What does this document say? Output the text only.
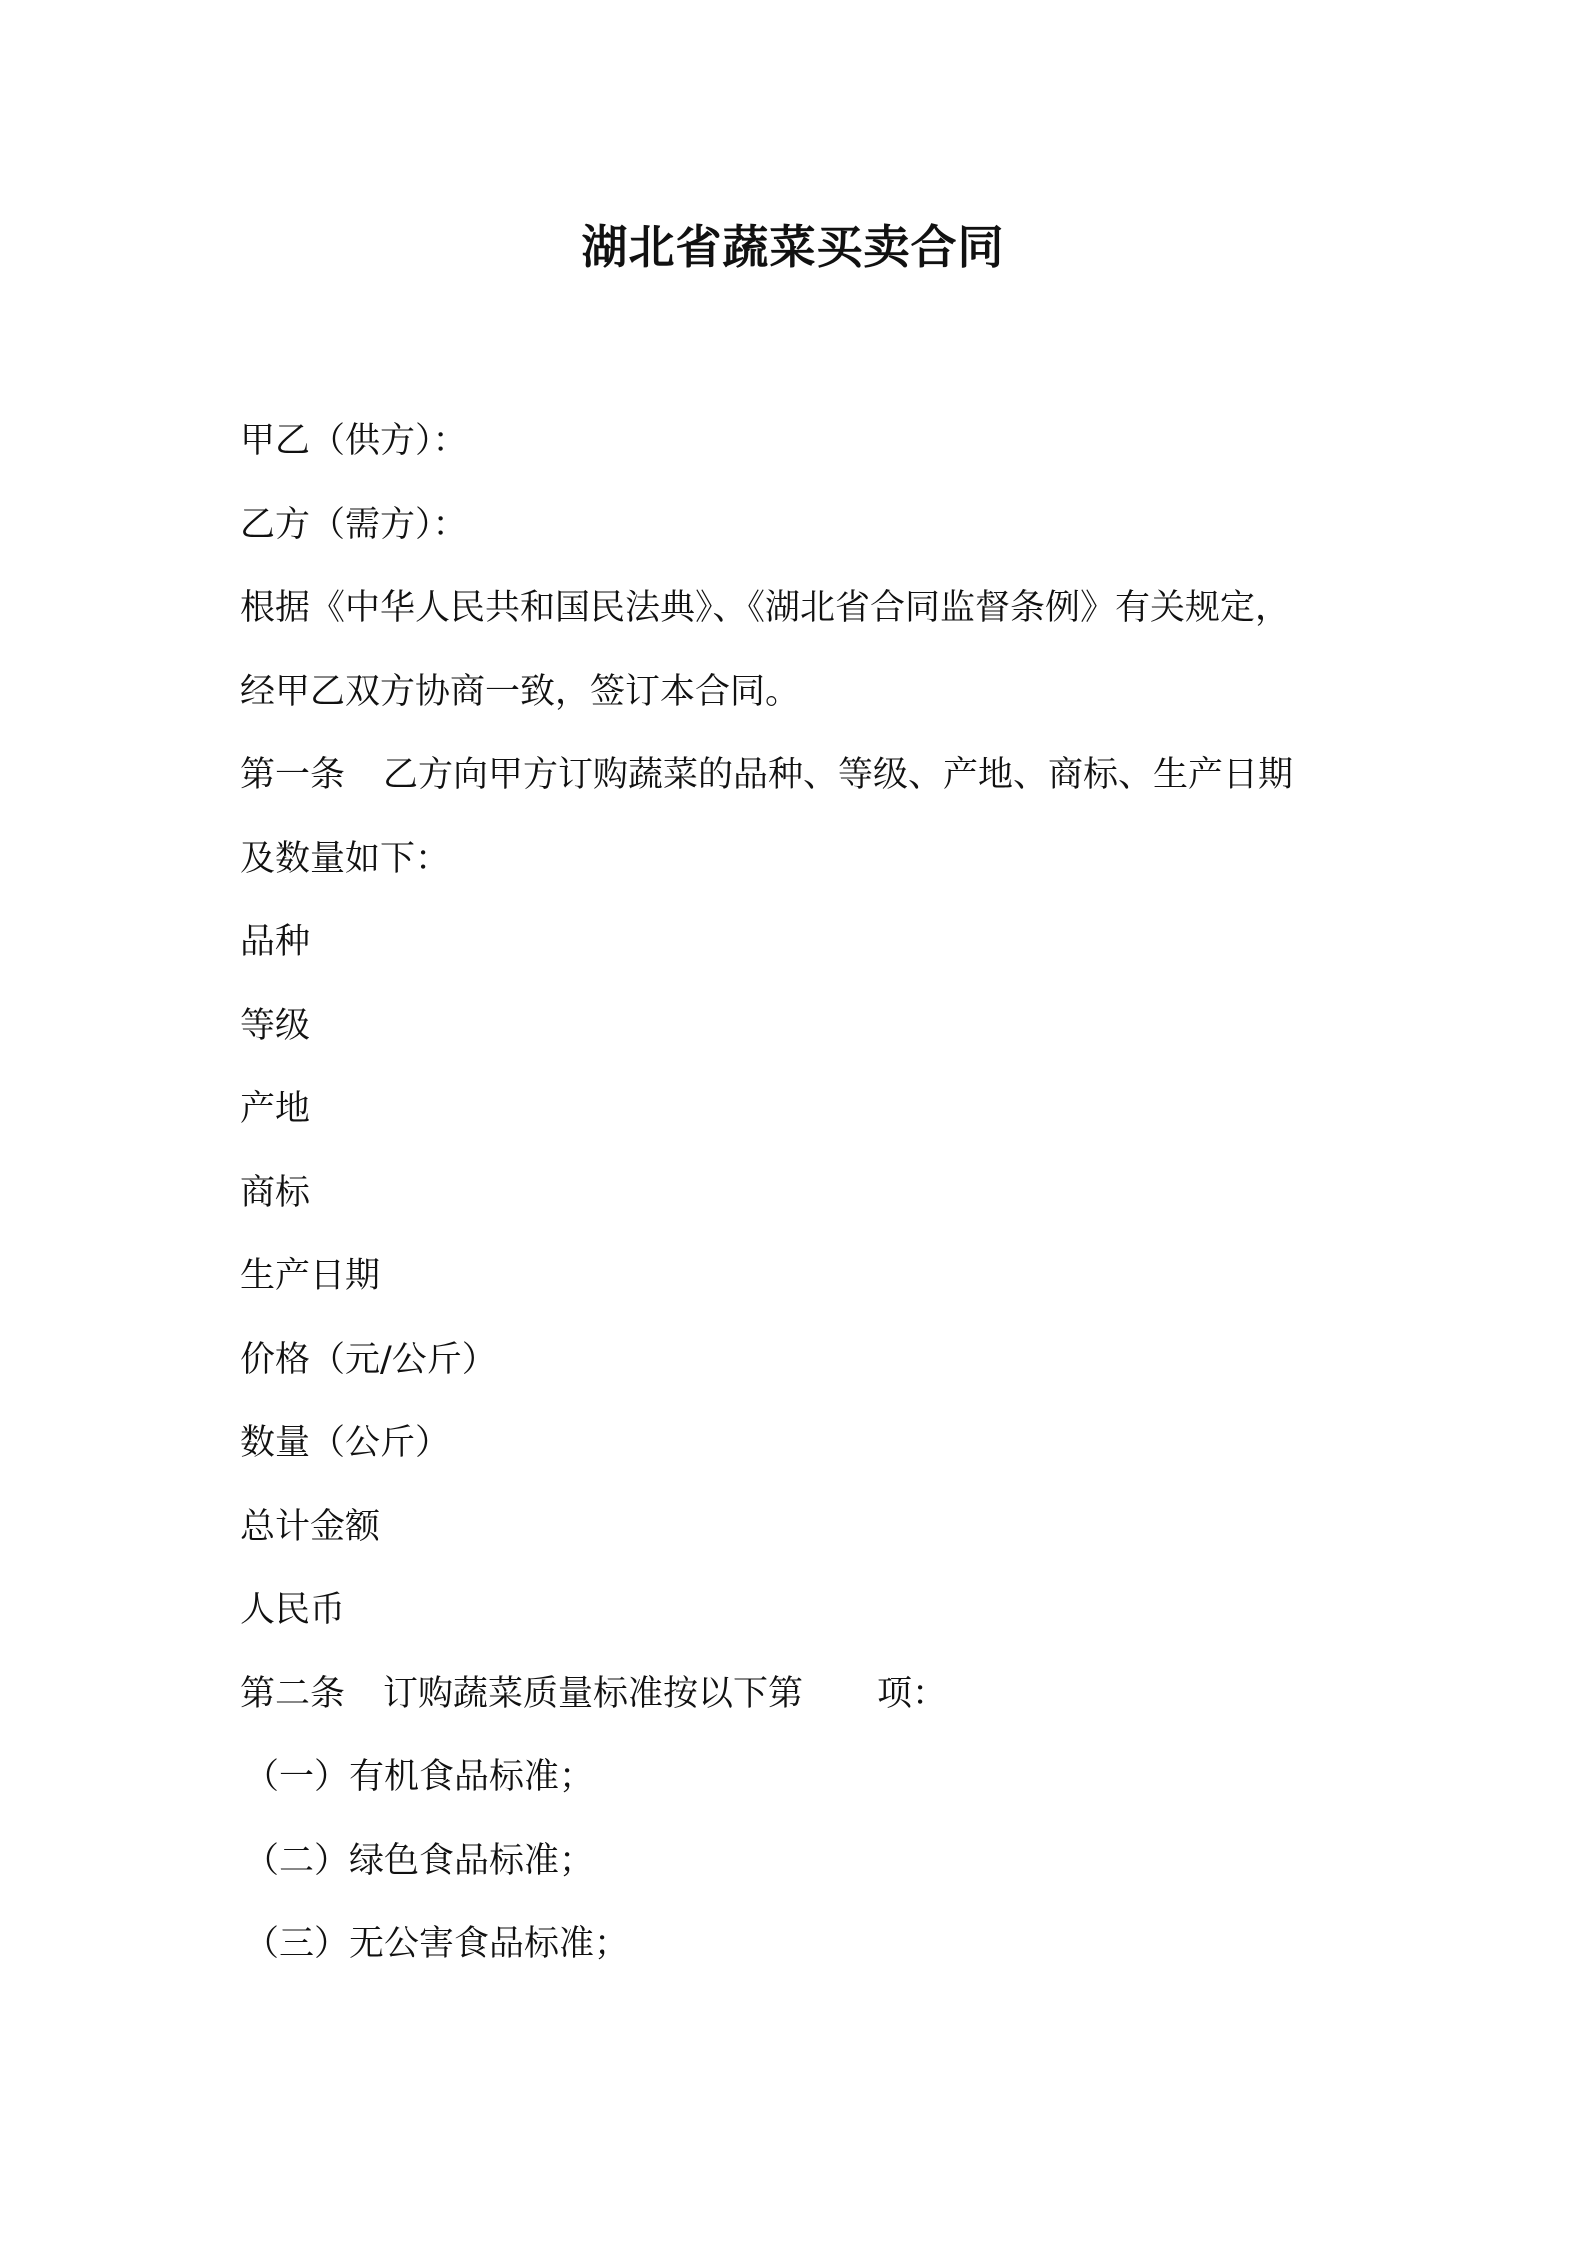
湖北省蔬菜买卖合同
甲乙（供方）：
乙方（需方）：
根据《中华人民共和国民法典》、《湖北省合同监督条例》有关规定，
经甲乙双方协商一致，签订本合同。
第一条 乙方向甲方订购蔬菜的品种、等级、产地、商标、生产日期
及数量如下：
品种
等级
产地
商标
生产日期
价格（元/公斤）
数量（公斤）
总计金额
人民币
第二条 订购蔬菜质量标准按以下第 项：
（一）有机食品标准；
（二）绿色食品标准；
（三）无公害食品标准；
